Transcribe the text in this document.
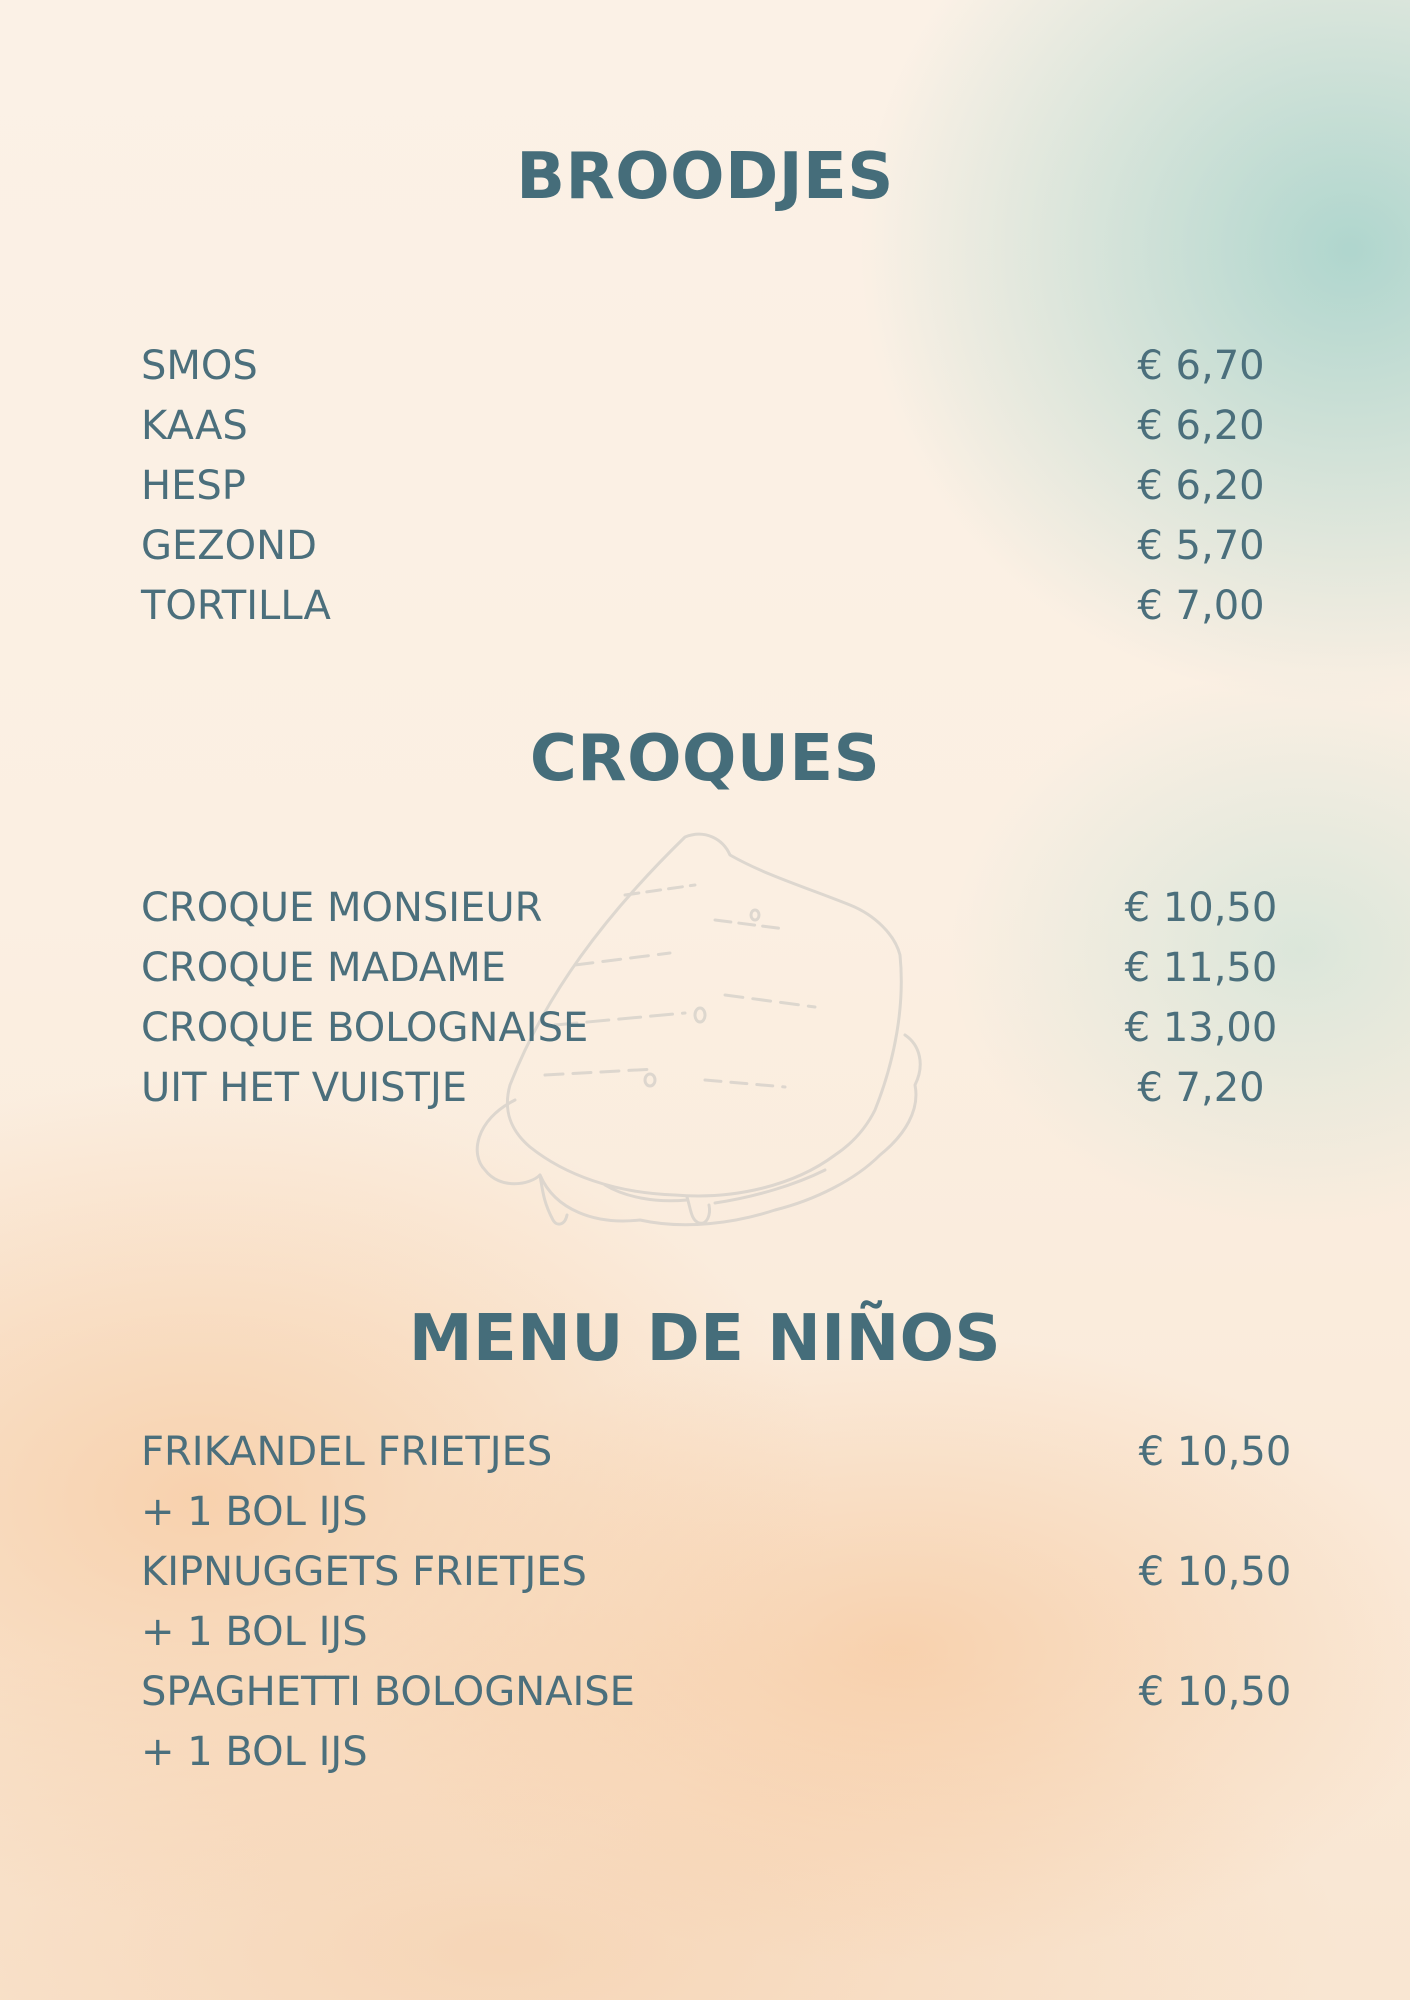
BROODJES
SMOS	€ 6,70
KAAS	€ 6,20
HESP	€ 6,20
GEZOND	€ 5,70
TORTILLA	€ 7,00
CROQUES
CROQUE MONSIEUR	€ 10,50
CROQUE MADAME	€ 11,50
CROQUE BOLOGNAISE	€ 13,00
UIT HET VUISTJE	€ 7,20
MENU DE NIÑOS
FRIKANDEL FRIETJES	€ 10,50
+ 1 BOL IJS
KIPNUGGETS FRIETJES	€ 10,50
+ 1 BOL IJS
SPAGHETTI BOLOGNAISE	€ 10,50
+ 1 BOL IJS
